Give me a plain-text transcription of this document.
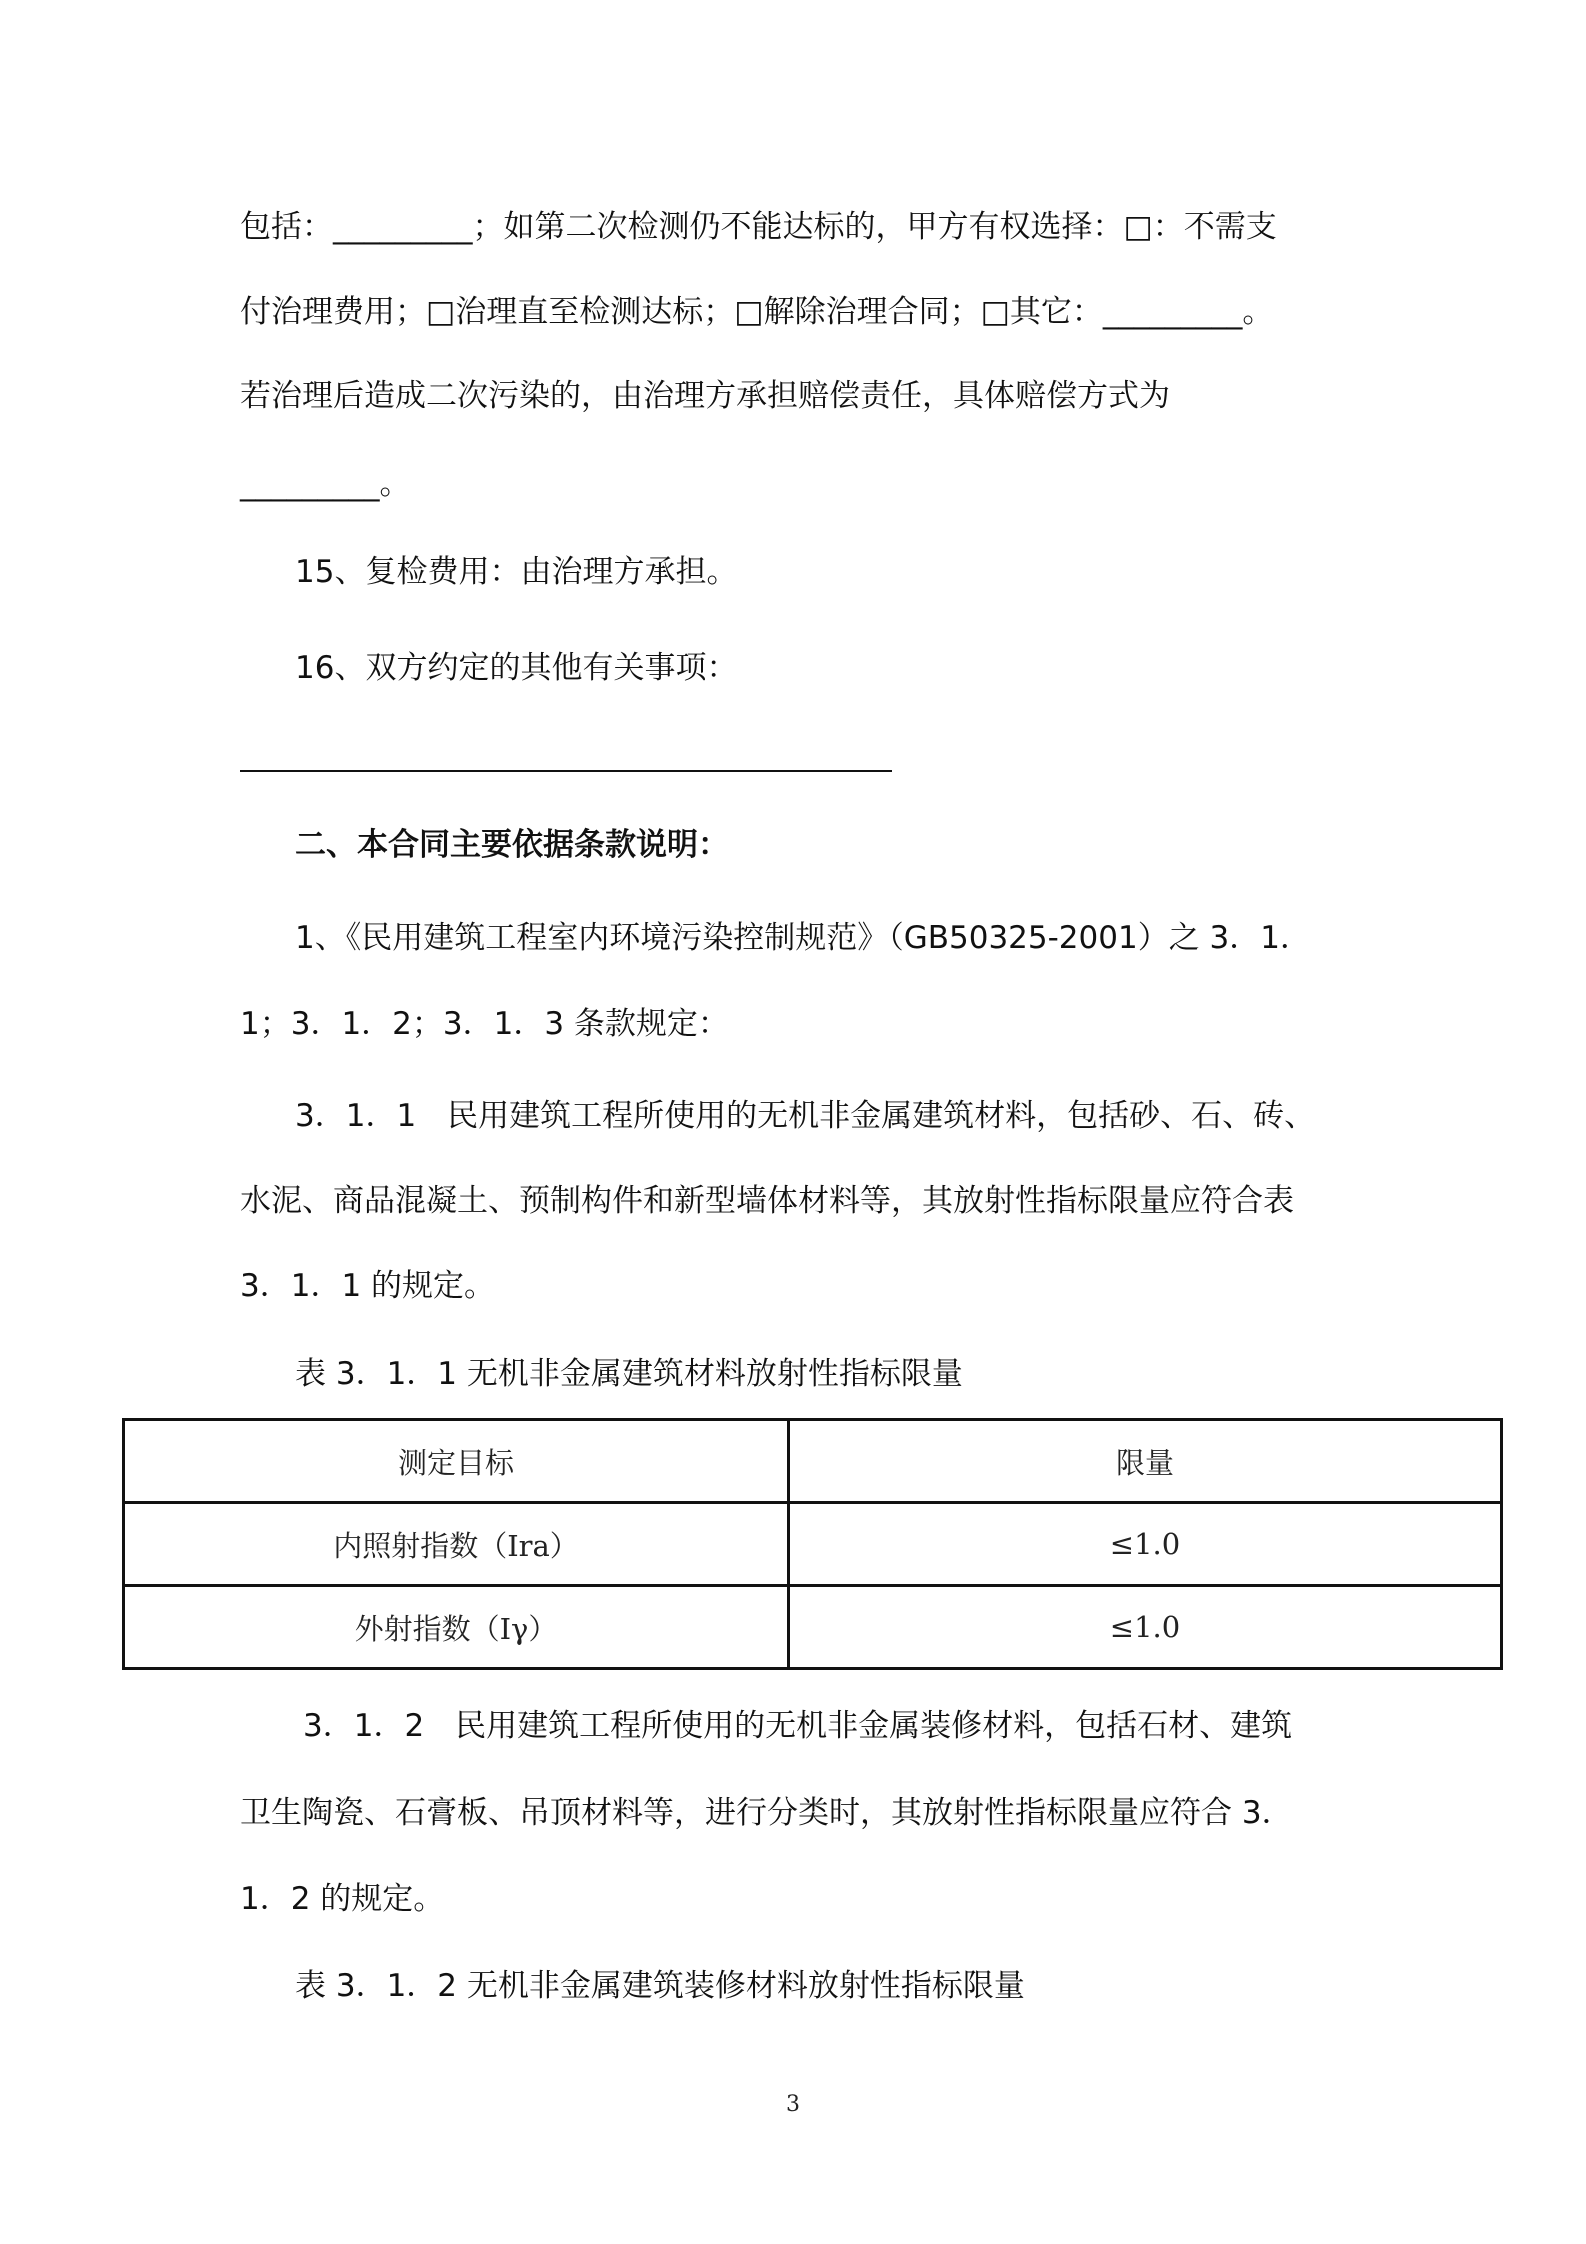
包括：_________；如第二次检测仍不能达标的，甲方有权选择：□：不需支
付治理费用；□治理直至检测达标；□解除治理合同；□其它：_________。
若治理后造成二次污染的，由治理方承担赔偿责任，具体赔偿方式为
_________。
15、复检费用：由治理方承担。
16、双方约定的其他有关事项：
二、本合同主要依据条款说明：
1、《民用建筑工程室内环境污染控制规范》（GB50325-2001）之 3．1．
1；3．1．2；3．1．3 条款规定：
3．1．1　民用建筑工程所使用的无机非金属建筑材料，包括砂、石、砖、
水泥、商品混凝土、预制构件和新型墙体材料等，其放射性指标限量应符合表
3．1．1 的规定。
表 3．1．1 无机非金属建筑材料放射性指标限量
测定目标	限量
内照射指数（Ira）	≤1.0
外射指数（Iγ）	≤1.0
3．1．2　民用建筑工程所使用的无机非金属装修材料，包括石材、建筑
卫生陶瓷、石膏板、吊顶材料等，进行分类时，其放射性指标限量应符合 3．
1．2 的规定。
表 3．1．2 无机非金属建筑装修材料放射性指标限量
3
